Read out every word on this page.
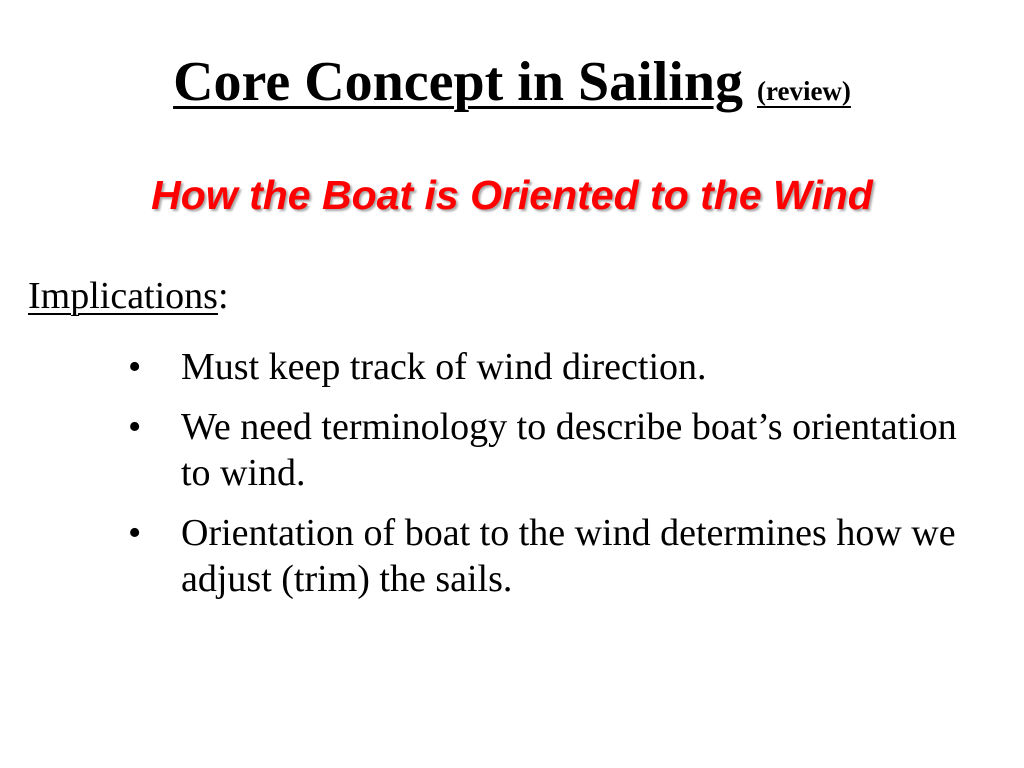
Core Concept in Sailing (review)
How the Boat is Oriented to the Wind
Implications:
•	Must keep track of wind direction.
•	We need terminology to describe boat’s orientation to wind.
•	Orientation of boat to the wind determines how we adjust (trim) the sails.
